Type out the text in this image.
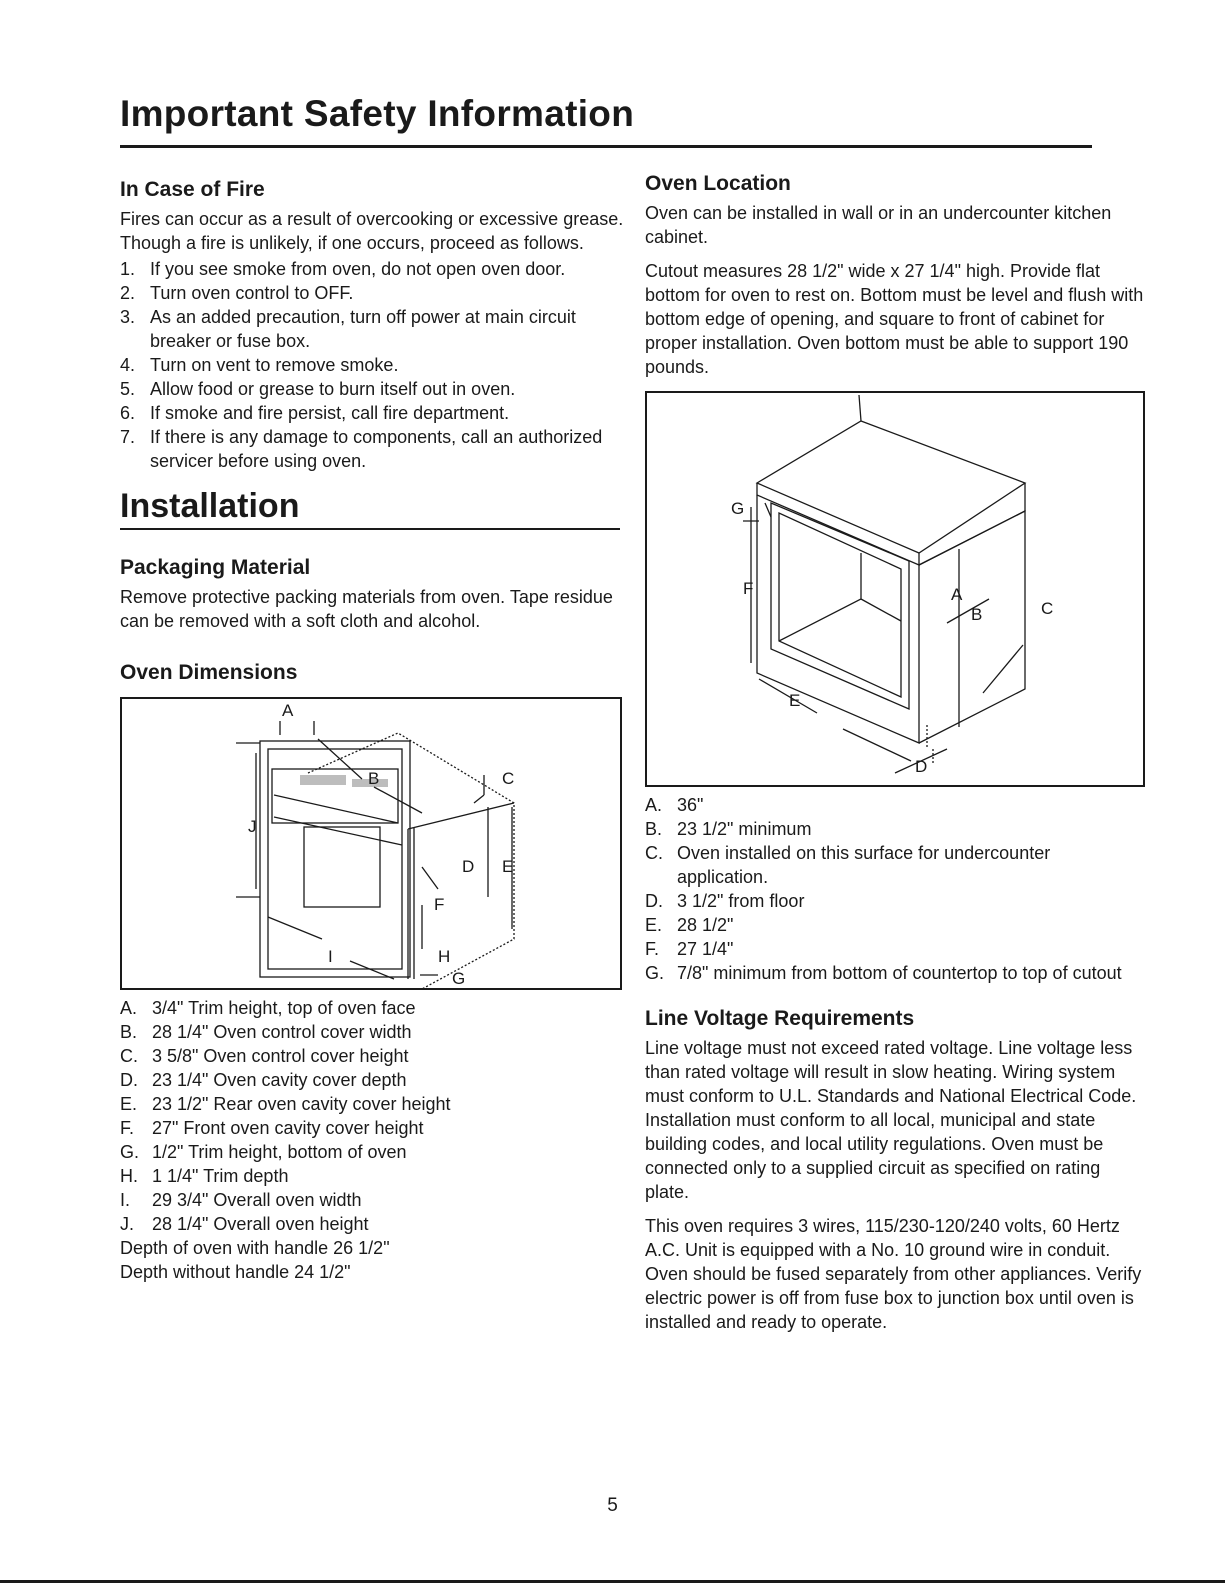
Important Safety Information
In Case of Fire

Fires can occur as a result of overcooking or excessive grease. Though a fire is unlikely, if one occurs, proceed as follows.

1. If you see smoke from oven, do not open oven door.
2. Turn oven control to OFF.
3. As an added precaution, turn off power at main circuit breaker or fuse box.
4. Turn on vent to remove smoke.
5. Allow food or grease to burn itself out in oven.
6. If smoke and fire persist, call fire department.
7. If there is any damage to components, call an authorized servicer before using oven.
Installation
Packaging Material

Remove protective packing materials from oven. Tape residue can be removed with a soft cloth and alcohol.

Oven Dimensions
A
B	C
D E
F
G
H
I
J
A. 3/4" Trim height, top of oven face
B. 28 1/4" Oven control cover width
C. 3 5/8" Oven control cover height
D. 23 1/4" Oven cavity cover depth
E. 23 1/2" Rear oven cavity cover height
F. 27" Front oven cavity cover height
G. 1/2" Trim height, bottom of oven
H. 1 1/4" Trim depth
I.	29 3/4" Overall oven width
J. 28 1/4" Overall oven height

Depth of oven with handle 26 1/2"

Depth without handle 24 1/2"

Oven Location

Oven can be installed in wall or in an undercounter kitchen cabinet.

Cutout measures 28 1/2" wide x 27 1/4" high. Provide flat bottom for oven to rest on. Bottom must be level and flush with bottom edge of opening, and square to front of cabinet for proper installation. Oven bottom must be able to support 190 pounds.

G
F	A
B	C
E
D
A. 36"
B. 23 1/2" minimum
C. Oven installed on this surface for undercounter application.
D. 3 1/2" from floor
E. 28 1/2"
F. 27 1/4"
G. 7/8" minimum from bottom of countertop to top of cutout
Line Voltage Requirements

Line voltage must not exceed rated voltage. Line voltage less than rated voltage will result in slow heating. Wiring system must conform to U.L. Standards and National Electrical Code. Installation must conform to all local, municipal and state building codes, and local utility regulations. Oven must be connected only to a supplied circuit as specified on rating plate.

This oven requires 3 wires, 115/230-120/240 volts, 60 Hertz A.C. Unit is equipped with a No. 10 ground wire in conduit. Oven should be fused separately from other appliances. Verify electric power is off from fuse box to junction box until oven is installed and ready to operate.

5
